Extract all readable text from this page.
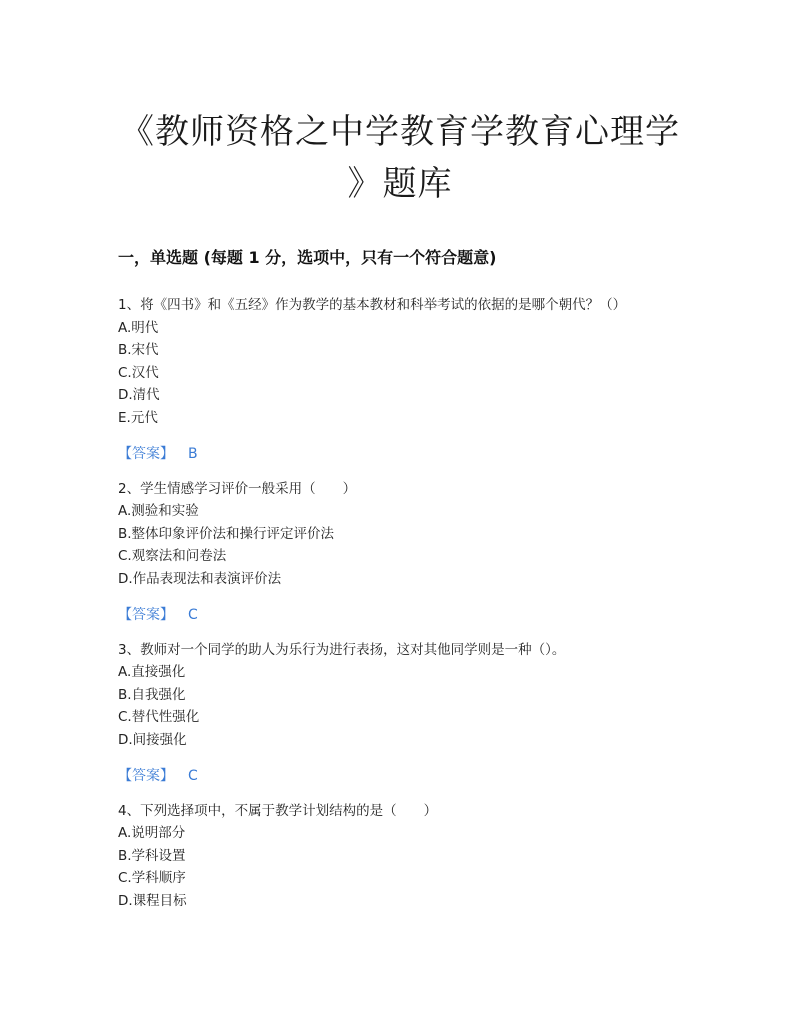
《教师资格之中学教育学教育心理学
》题库
一，单选题 (每题 1 分，选项中，只有一个符合题意)
1、将《四书》和《五经》作为教学的基本教材和科举考试的依据的是哪个朝代？（）
A.明代
B.宋代
C.汉代
D.清代
E.元代
【答案】 B
2、学生情感学习评价一般采用（　　）
A.测验和实验
B.整体印象评价法和操行评定评价法
C.观察法和问卷法
D.作品表现法和表演评价法
【答案】 C
3、教师对一个同学的助人为乐行为进行表扬，这对其他同学则是一种（）。
A.直接强化
B.自我强化
C.替代性强化
D.间接强化
【答案】 C
4、下列选择项中，不属于教学计划结构的是（　　）
A.说明部分
B.学科设置
C.学科顺序
D.课程目标
